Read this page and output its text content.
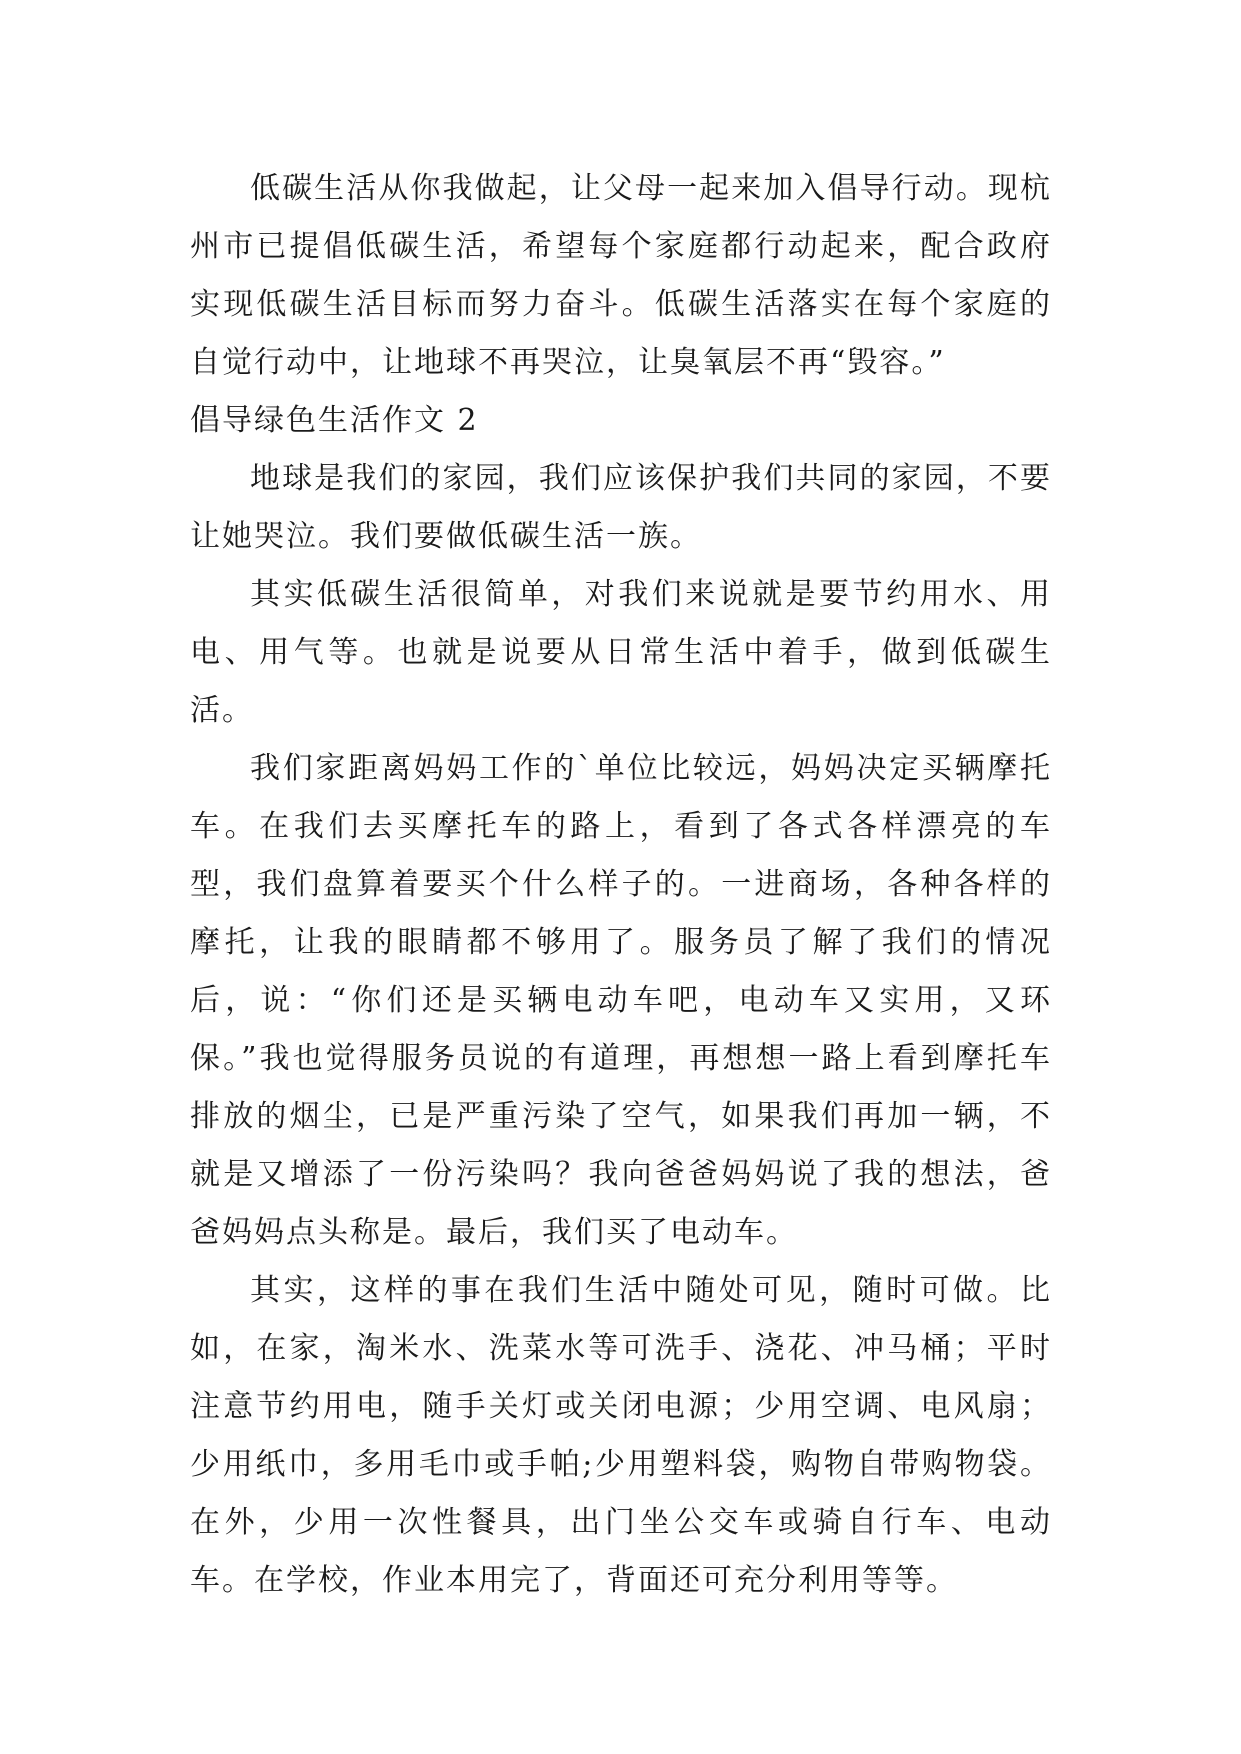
低碳生活从你我做起，让父母一起来加入倡导行动。现杭州市已提倡低碳生活，希望每个家庭都行动起来，配合政府实现低碳生活目标而努力奋斗。低碳生活落实在每个家庭的自觉行动中，让地球不再哭泣，让臭氧层不再“毁容。”

倡导绿色生活作文 2

地球是我们的家园，我们应该保护我们共同的家园，不要让她哭泣。我们要做低碳生活一族。

其实低碳生活很简单，对我们来说就是要节约用水、用电、用气等。也就是说要从日常生活中着手，做到低碳生活。

我们家距离妈妈工作的`单位比较远，妈妈决定买辆摩托车。在我们去买摩托车的路上，看到了各式各样漂亮的车型，我们盘算着要买个什么样子的。一进商场，各种各样的摩托，让我的眼睛都不够用了。服务员了解了我们的情况后，说：“你们还是买辆电动车吧，电动车又实用，又环保。”我也觉得服务员说的有道理，再想想一路上看到摩托车排放的烟尘，已是严重污染了空气，如果我们再加一辆，不就是又增添了一份污染吗？我向爸爸妈妈说了我的想法，爸爸妈妈点头称是。最后，我们买了电动车。

其实，这样的事在我们生活中随处可见，随时可做。比如，在家，淘米水、洗菜水等可洗手、浇花、冲马桶；平时注意节约用电，随手关灯或关闭电源；少用空调、电风扇；少用纸巾，多用毛巾或手帕;少用塑料袋，购物自带购物袋。在外，少用一次性餐具，出门坐公交车或骑自行车、电动车。在学校，作业本用完了，背面还可充分利用等等。
